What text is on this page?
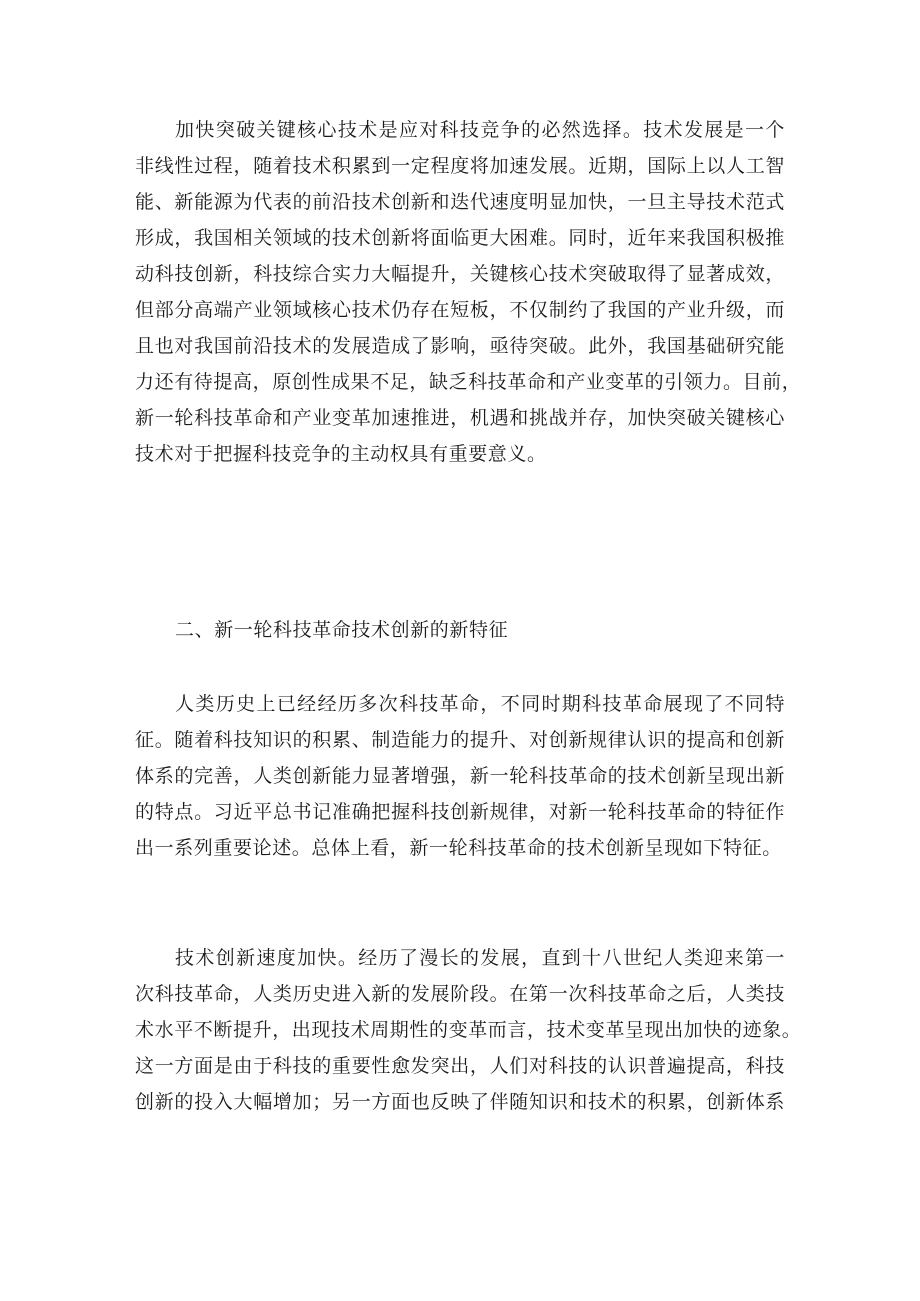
加快突破关键核心技术是应对科技竞争的必然选择。技术发展是一个
非线性过程，随着技术积累到一定程度将加速发展。近期，国际上以人工智
能、新能源为代表的前沿技术创新和迭代速度明显加快，一旦主导技术范式
形成，我国相关领域的技术创新将面临更大困难。同时，近年来我国积极推
动科技创新，科技综合实力大幅提升，关键核心技术突破取得了显著成效，
但部分高端产业领域核心技术仍存在短板，不仅制约了我国的产业升级，而
且也对我国前沿技术的发展造成了影响，亟待突破。此外，我国基础研究能
力还有待提高，原创性成果不足，缺乏科技革命和产业变革的引领力。目前，
新一轮科技革命和产业变革加速推进，机遇和挑战并存，加快突破关键核心
技术对于把握科技竞争的主动权具有重要意义。
二、新一轮科技革命技术创新的新特征
人类历史上已经经历多次科技革命，不同时期科技革命展现了不同特
征。随着科技知识的积累、制造能力的提升、对创新规律认识的提高和创新
体系的完善，人类创新能力显著增强，新一轮科技革命的技术创新呈现出新
的特点。习近平总书记准确把握科技创新规律，对新一轮科技革命的特征作
出一系列重要论述。总体上看，新一轮科技革命的技术创新呈现如下特征。
技术创新速度加快。经历了漫长的发展，直到十八世纪人类迎来第一
次科技革命，人类历史进入新的发展阶段。在第一次科技革命之后，人类技
术水平不断提升，出现技术周期性的变革而言，技术变革呈现出加快的迹象。
这一方面是由于科技的重要性愈发突出，人们对科技的认识普遍提高，科技
创新的投入大幅增加；另一方面也反映了伴随知识和技术的积累，创新体系
